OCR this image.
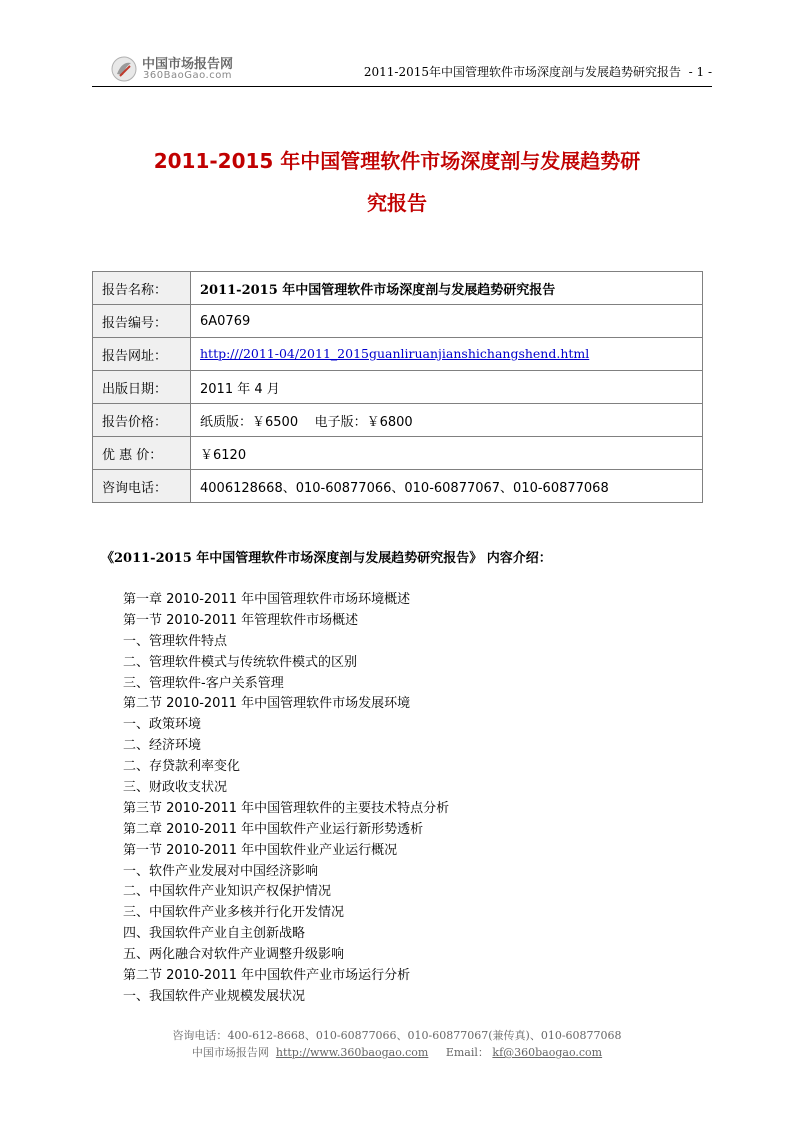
中国市场报告网
360BaoGao.com	2011-2015年中国管理软件市场深度剖与发展趋势研究报告 - 1 -
2011-2015 年中国管理软件市场深度剖与发展趋势研
究报告
报告名称：	2011-2015 年中国管理软件市场深度剖与发展趋势研究报告
报告编号：	6A0769
报告网址：	http:///2011-04/2011_2015guanliruanjianshichangshend.html
出版日期：	2011 年 4 月
报告价格：	纸质版：￥6500    电子版：￥6800
优 惠 价：	￥6120
咨询电话：	4006128668、010-60877066、010-60877067、010-60877068
《2011-2015 年中国管理软件市场深度剖与发展趋势研究报告》 内容介绍：
第一章 2010-2011 年中国管理软件市场环境概述
第一节 2010-2011 年管理软件市场概述
一、管理软件特点
二、管理软件模式与传统软件模式的区别
三、管理软件-客户关系管理
第二节 2010-2011 年中国管理软件市场发展环境
一、政策环境
二、经济环境
二、存贷款利率变化
三、财政收支状况
第三节 2010-2011 年中国管理软件的主要技术特点分析
第二章 2010-2011 年中国软件产业运行新形势透析
第一节 2010-2011 年中国软件业产业运行概况
一、软件产业发展对中国经济影响
二、中国软件产业知识产权保护情况
三、中国软件产业多核并行化开发情况
四、我国软件产业自主创新战略
五、两化融合对软件产业调整升级影响
第二节 2010-2011 年中国软件产业市场运行分析
一、我国软件产业规模发展状况
咨询电话：400-612-8668、010-60877066、010-60877067(兼传真)、010-60877068
中国市场报告网 http://www.360baogao.com Email： kf@360baogao.com
